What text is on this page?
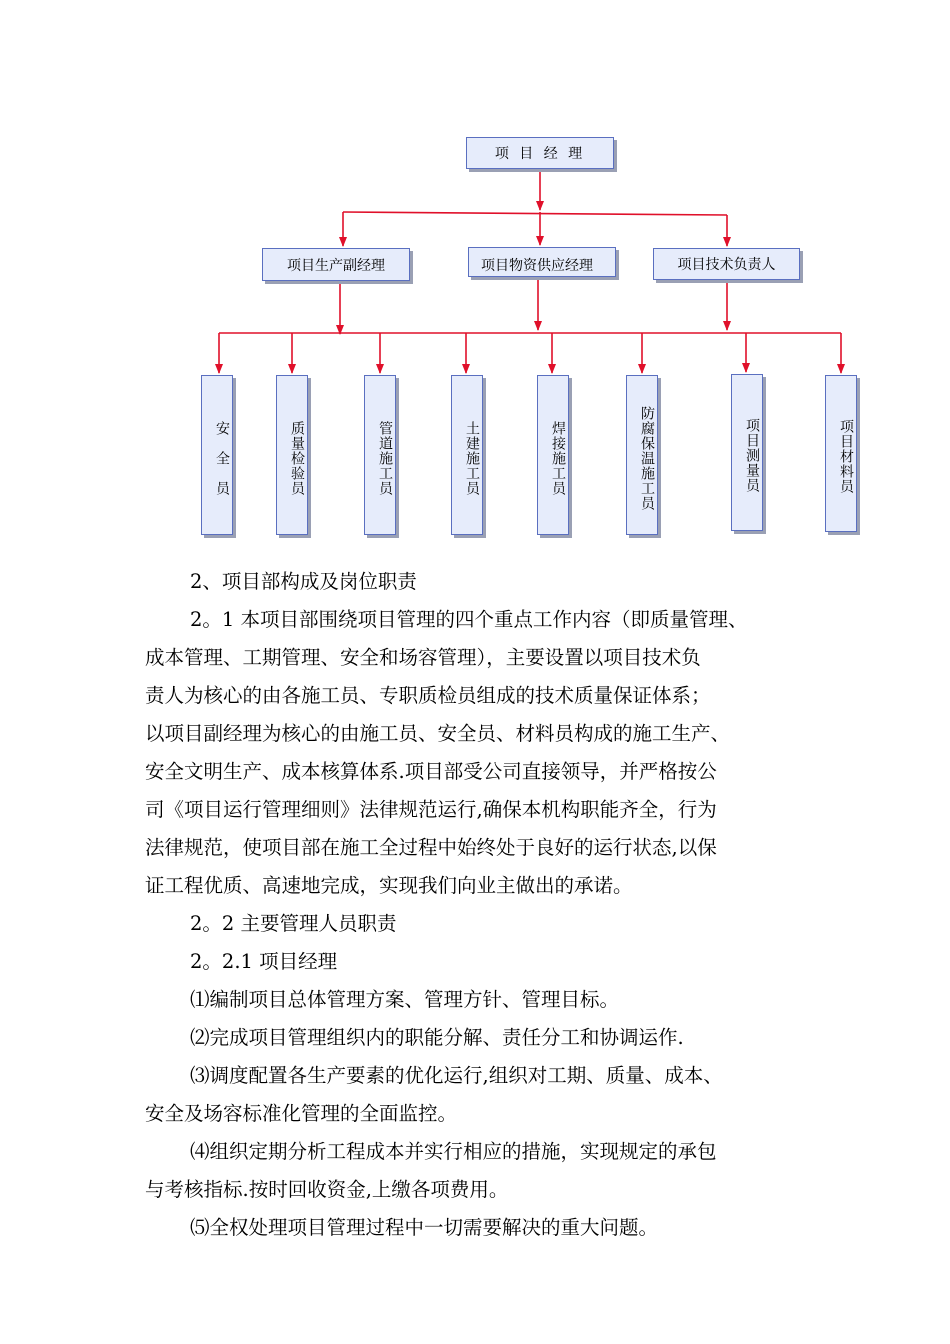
项 目 经 理
项目生产副经理	项目物资供应经理	项目技术负责人
安　全　员	质量检验员	管道施工员	土建施工员	焊接施工员	防腐保温施工员	项目测量员	项目材料员

2、项目部构成及岗位职责

2。1 本项目部围绕项目管理的四个重点工作内容（即质量管理、

成本管理、工期管理、安全和场容管理），主要设置以项目技术负

责人为核心的由各施工员、专职质检员组成的技术质量保证体系；

以项目副经理为核心的由施工员、安全员、材料员构成的施工生产、

安全文明生产、成本核算体系.项目部受公司直接领导，并严格按公

司《项目运行管理细则》法律规范运行,确保本机构职能齐全，行为

法律规范，使项目部在施工全过程中始终处于良好的运行状态,以保

证工程优质、高速地完成，实现我们向业主做出的承诺。

2。2 主要管理人员职责

2。2.1 项目经理

⑴编制项目总体管理方案、管理方针、管理目标。

⑵完成项目管理组织内的职能分解、责任分工和协调运作.

⑶调度配置各生产要素的优化运行,组织对工期、质量、成本、

安全及场容标准化管理的全面监控。

⑷组织定期分析工程成本并实行相应的措施，实现规定的承包

与考核指标.按时回收资金,上缴各项费用。

⑸全权处理项目管理过程中一切需要解决的重大问题。
